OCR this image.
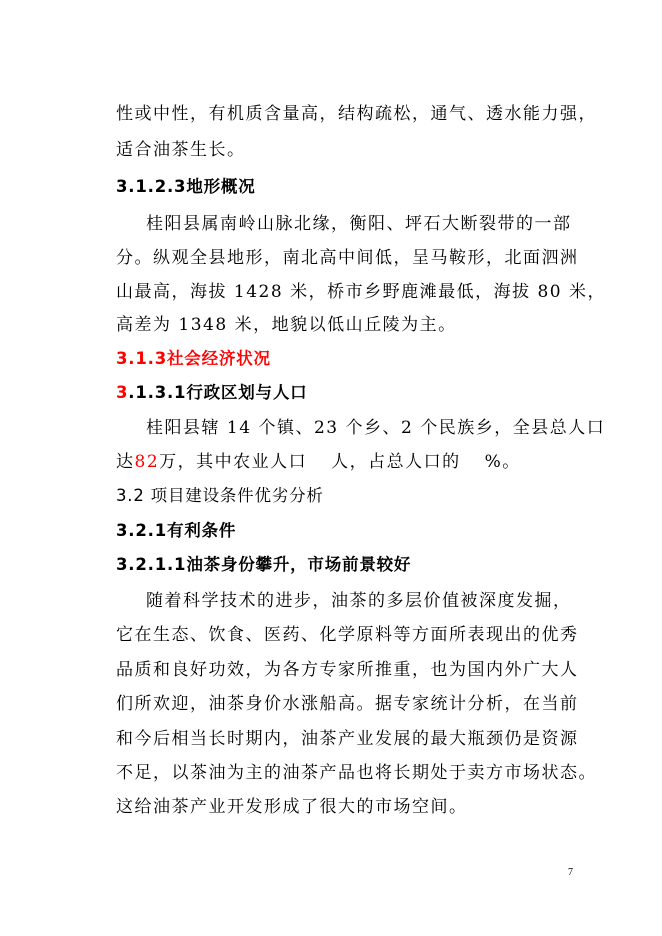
性或中性，有机质含量高，结构疏松，通气、透水能力强，
适合油茶生长。
3.1.2.3地形概况
桂阳县属南岭山脉北缘，衡阳、坪石大断裂带的一部
分。纵观全县地形，南北高中间低，呈马鞍形，北面泗洲
山最高，海拔 1428 米，桥市乡野鹿滩最低，海拔 80 米，
高差为 1348 米，地貌以低山丘陵为主。
3.1.3社会经济状况
3.1.3.1行政区划与人口
桂阳县辖 14 个镇、23 个乡、2 个民族乡，全县总人口
达82万，其中农业人口 人，占总人口的 %。
3.2 项目建设条件优劣分析
3.2.1有利条件
3.2.1.1油茶身份攀升，市场前景较好
随着科学技术的进步，油茶的多层价值被深度发掘，
它在生态、饮食、医药、化学原料等方面所表现出的优秀
品质和良好功效，为各方专家所推重，也为国内外广大人
们所欢迎，油茶身价水涨船高。据专家统计分析，在当前
和今后相当长时期内，油茶产业发展的最大瓶颈仍是资源
不足，以茶油为主的油茶产品也将长期处于卖方市场状态。
这给油茶产业开发形成了很大的市场空间。
7
